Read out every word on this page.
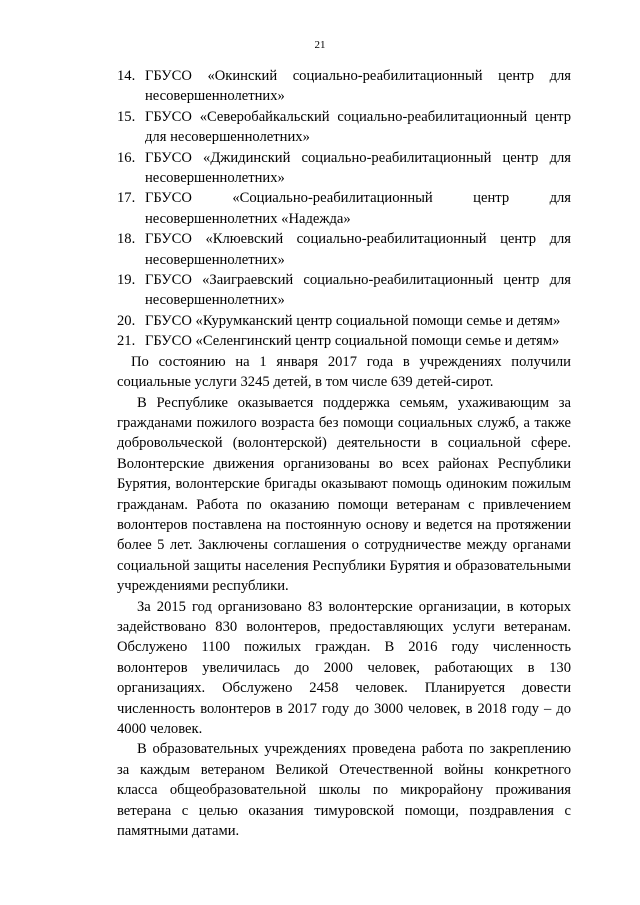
21
14. ГБУСО «Окинский социально-реабилитационный центр для несовершеннолетних»
15. ГБУСО «Северобайкальский социально-реабилитационный центр для несовершеннолетних»
16. ГБУСО «Джидинский социально-реабилитационный центр для несовершеннолетних»
17. ГБУСО «Социально-реабилитационный центр для несовершеннолетних «Надежда»
18. ГБУСО «Клюевский социально-реабилитационный центр для несовершеннолетних»
19. ГБУСО «Заиграевский социально-реабилитационный центр для несовершеннолетних»
20. ГБУСО «Курумканский центр социальной помощи семье и детям»
21. ГБУСО «Селенгинский центр социальной помощи семье и детям»

По состоянию на 1 января 2017 года в учреждениях получили социальные услуги 3245 детей, в том числе 639 детей-сирот.

В Республике оказывается поддержка семьям, ухаживающим за гражданами пожилого возраста без помощи социальных служб, а также добровольческой (волонтерской) деятельности в социальной сфере. Волонтерские движения организованы во всех районах Республики Бурятия, волонтерские бригады оказывают помощь одиноким пожилым гражданам. Работа по оказанию помощи ветеранам с привлечением волонтеров поставлена на постоянную основу и ведется на протяжении более 5 лет. Заключены соглашения о сотрудничестве между органами социальной защиты населения Республики Бурятия и образовательными учреждениями республики.

За 2015 год организовано 83 волонтерские организации, в которых задействовано 830 волонтеров, предоставляющих услуги ветеранам. Обслужено 1100 пожилых граждан. В 2016 году численность волонтеров увеличилась до 2000 человек, работающих в 130 организациях. Обслужено 2458 человек. Планируется довести численность волонтеров в 2017 году до 3000 человек, в 2018 году – до 4000 человек.

В образовательных учреждениях проведена работа по закреплению за каждым ветераном Великой Отечественной войны конкретного класса общеобразовательной школы по микрорайону проживания ветерана с целью оказания тимуровской помощи, поздравления с памятными датами.
